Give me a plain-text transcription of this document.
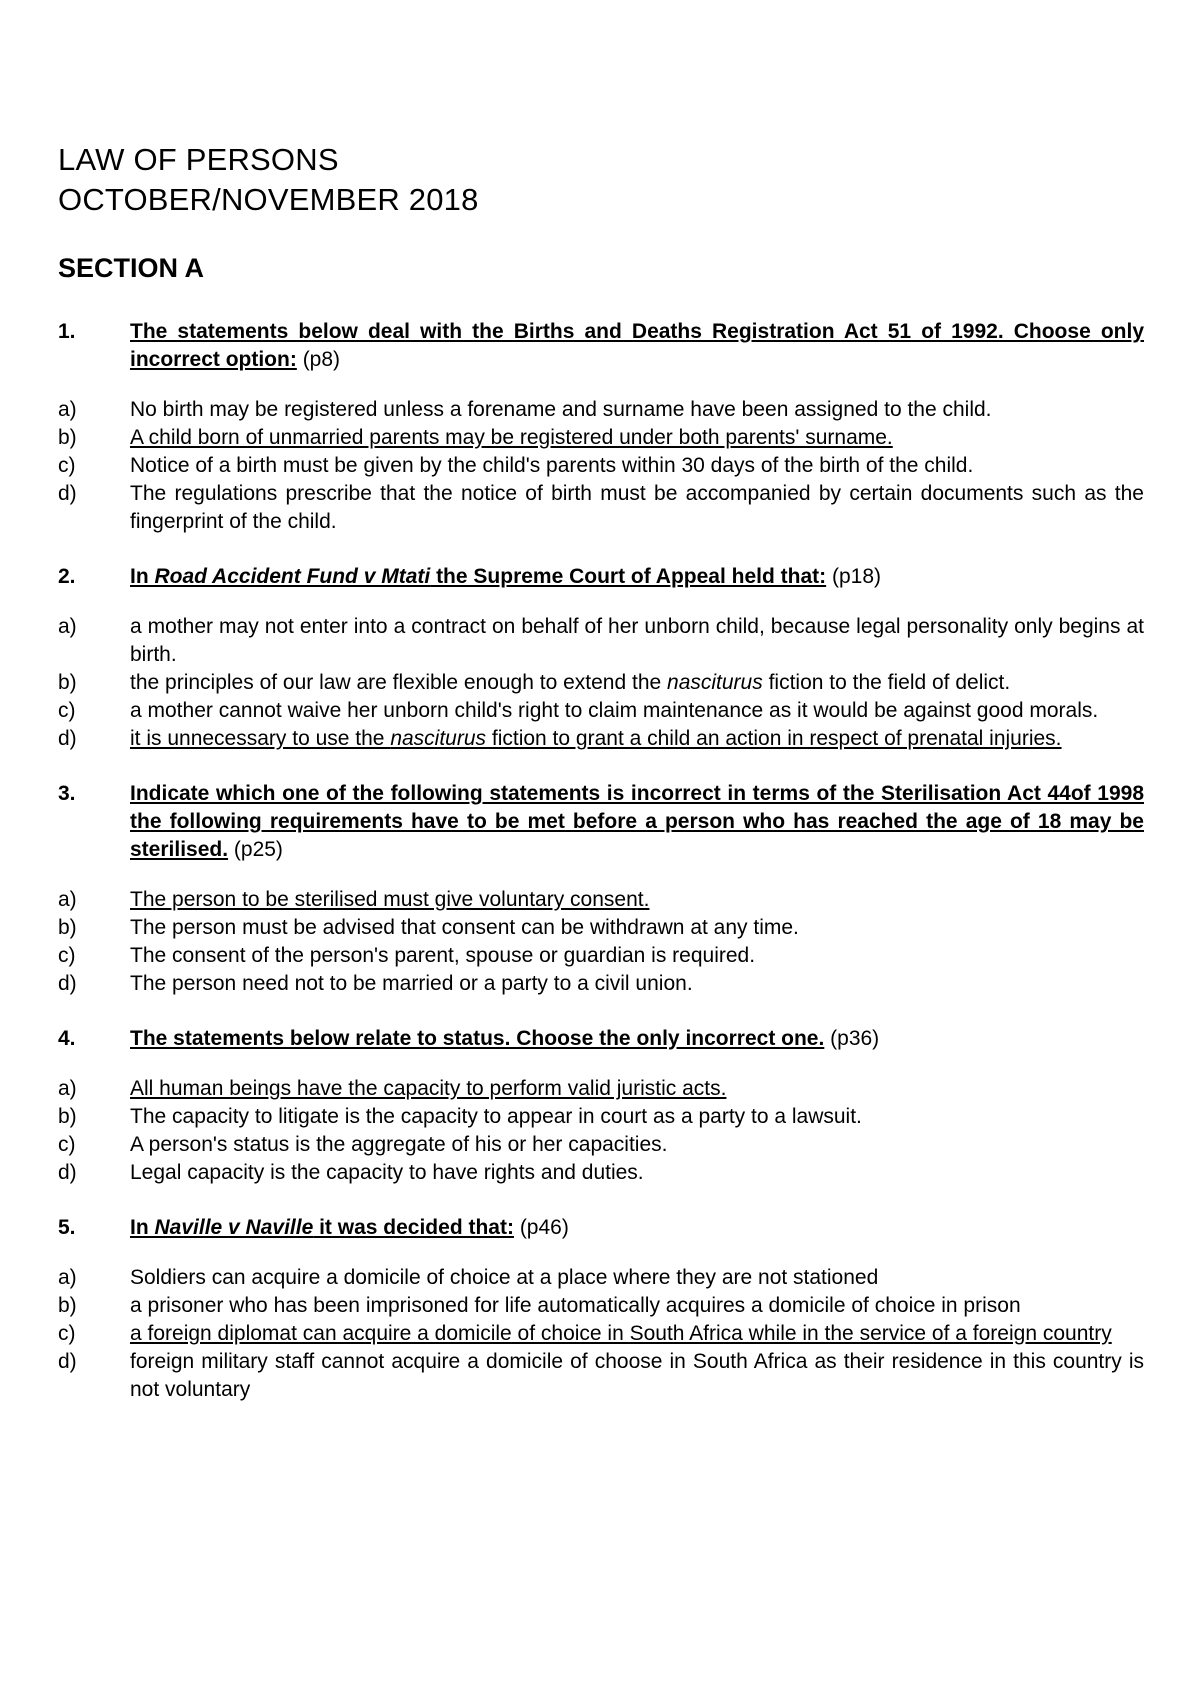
LAW OF PERSONS
OCTOBER/NOVEMBER 2018
SECTION A
1.	The statements below deal with the Births and Deaths Registration Act 51 of 1992. Choose only incorrect option: (p8)
a)	No birth may be registered unless a forename and surname have been assigned to the child.
b)	A child born of unmarried parents may be registered under both parents' surname.
c)	Notice of a birth must be given by the child's parents within 30 days of the birth of the child.
d)	The regulations prescribe that the notice of birth must be accompanied by certain documents such as the fingerprint of the child.
2.	In Road Accident Fund v Mtati the Supreme Court of Appeal held that: (p18)
a)	a mother may not enter into a contract on behalf of her unborn child, because legal personality only begins at birth.
b)	the principles of our law are flexible enough to extend the nasciturus fiction to the field of delict.
c)	a mother cannot waive her unborn child's right to claim maintenance as it would be against good morals.
d)	it is unnecessary to use the nasciturus fiction to grant a child an action in respect of prenatal injuries.
3.	Indicate which one of the following statements is incorrect in terms of the Sterilisation Act 44of 1998 the following requirements have to be met before a person who has reached the age of 18 may be sterilised. (p25)
a)	The person to be sterilised must give voluntary consent.
b)	The person must be advised that consent can be withdrawn at any time.
c)	The consent of the person's parent, spouse or guardian is required.
d)	The person need not to be married or a party to a civil union.
4.	The statements below relate to status. Choose the only incorrect one. (p36)
a)	All human beings have the capacity to perform valid juristic acts.
b)	The capacity to litigate is the capacity to appear in court as a party to a lawsuit.
c)	A person's status is the aggregate of his or her capacities.
d)	Legal capacity is the capacity to have rights and duties.
5.	In Naville v Naville it was decided that: (p46)
a)	Soldiers can acquire a domicile of choice at a place where they are not stationed
b)	a prisoner who has been imprisoned for life automatically acquires a domicile of choice in prison
c)	a foreign diplomat can acquire a domicile of choice in South Africa while in the service of a foreign country
d)	foreign military staff cannot acquire a domicile of choose in South Africa as their residence in this country is not voluntary
